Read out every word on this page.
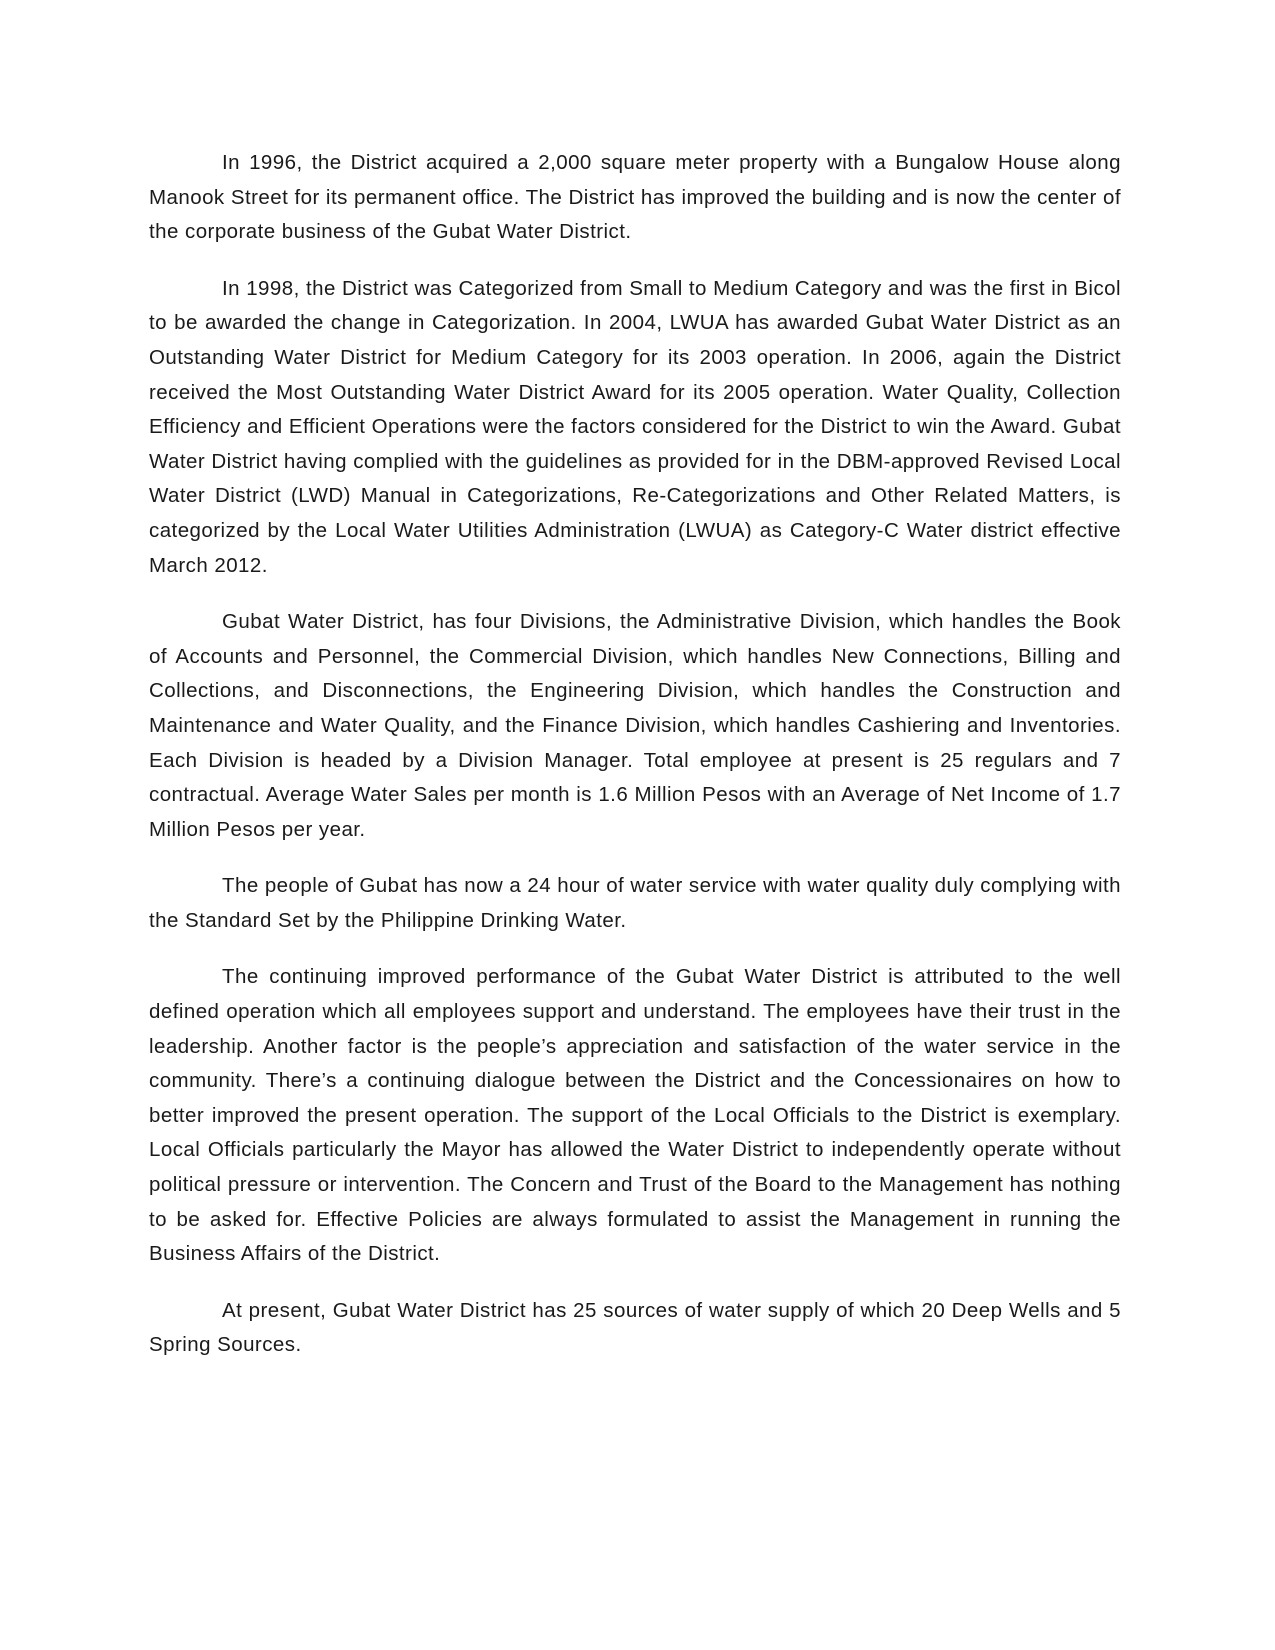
In 1996, the District acquired a 2,000 square meter property with a Bungalow House along Manook Street for its permanent office. The District has improved the building and is now the center of the corporate business of the Gubat Water District.

In 1998, the District was Categorized from Small to Medium Category and was the first in Bicol to be awarded the change in Categorization. In 2004, LWUA has awarded Gubat Water District as an Outstanding Water District for Medium Category for its 2003 operation. In 2006, again the District received the Most Outstanding Water District Award for its 2005 operation. Water Quality, Collection Efficiency and Efficient Operations were the factors considered for the District to win the Award. Gubat Water District having complied with the guidelines as provided for in the DBM-approved Revised Local Water District (LWD) Manual in Categorizations, Re-Categorizations and Other Related Matters, is categorized by the Local Water Utilities Administration (LWUA) as Category-C Water district effective March 2012.

Gubat Water District, has four Divisions, the Administrative Division, which handles the Book of Accounts and Personnel, the Commercial Division, which handles New Connections, Billing and Collections, and Disconnections, the Engineering Division, which handles the Construction and Maintenance and Water Quality, and the Finance Division, which handles Cashiering and Inventories. Each Division is headed by a Division Manager. Total employee at present is 25 regulars and 7 contractual. Average Water Sales per month is 1.6 Million Pesos with an Average of Net Income of 1.7 Million Pesos per year.

The people of Gubat has now a 24 hour of water service with water quality duly complying with the Standard Set by the Philippine Drinking Water.

The continuing improved performance of the Gubat Water District is attributed to the well defined operation which all employees support and understand. The employees have their trust in the leadership. Another factor is the people’s appreciation and satisfaction of the water service in the community. There’s a continuing dialogue between the District and the Concessionaires on how to better improved the present operation. The support of the Local Officials to the District is exemplary. Local Officials particularly the Mayor has allowed the Water District to independently operate without political pressure or intervention. The Concern and Trust of the Board to the Management has nothing to be asked for. Effective Policies are always formulated to assist the Management in running the Business Affairs of the District.

At present, Gubat Water District has 25 sources of water supply of which 20 Deep Wells and 5 Spring Sources.
